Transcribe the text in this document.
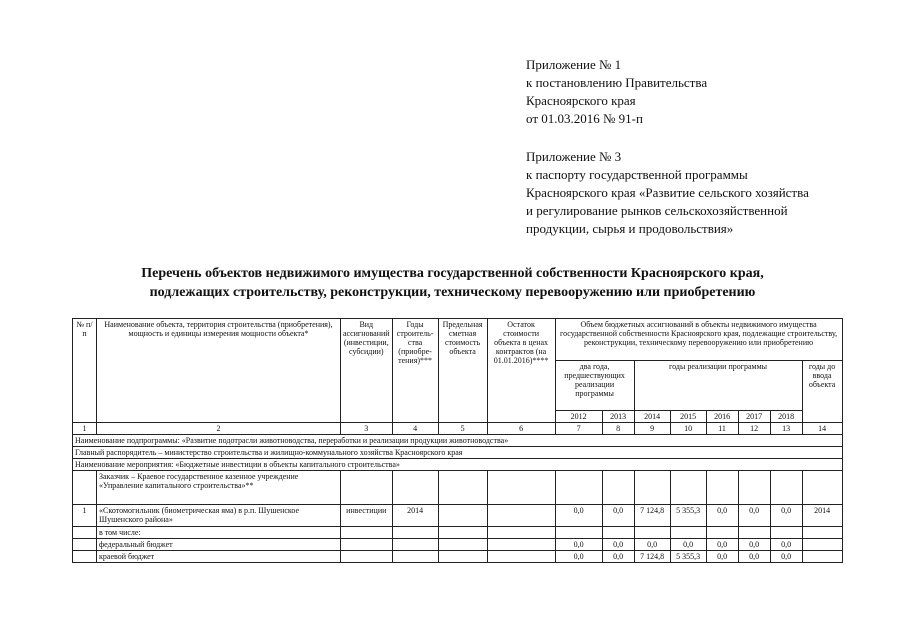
Приложение № 1
к постановлению Правительства
Красноярского края
от 01.03.2016 № 91-п
Приложение № 3
к паспорту государственной программы
Красноярского края «Развитие сельского хозяйства
и регулирование рынков сельскохозяйственной
продукции, сырья и продовольствия»
Перечень объектов недвижимого имущества государственной собственности Красноярского края,
подлежащих строительству, реконструкции, техническому перевооружению или приобретению
№ п/п	Наименование объекта, территория строительства (приобретения), мощность и единицы измерения мощности объекта*	Вид ассигнований (инвестиции, субсидии)	Годы строитель-ства (приобре-тения)***	Предельная сметная стоимость объекта	Остаток стоимости объекта в ценах контрактов (на 01.01.2016)****	Объем бюджетных ассигнований в объекты недвижимого имущества государственной собственности Красноярского края, подлежащие строительству, реконструкции, техническому перевооружению или приобретению							
						два года, предшествующих реализации программы		годы реализации программы					годы до ввода объекта
						2012	2013	2014	2015	2016	2017	2018	
1	2	3	4	5	6	7	8	9	10	11	12	13	14
Наименование подпрограммы: «Развитие подотрасли животноводства, переработки и реализации продукции животноводства»													
Главный распорядитель – министерство строительства и жилищно-коммунального хозяйства Красноярского края													
Наименование мероприятия: «Бюджетные инвестиции в объекты капитального строительства»													
	Заказчик – Краевое государственное казенное учреждение «Управление капитального строительства»**												
1	«Скотомогильник (биометрическая яма) в р.п. Шушенское Шушенского района»	инвестиции	2014			0,0	0,0	7 124,8	5 355,3	0,0	0,0	0,0	2014
	в том числе:												
	федеральный бюджет					0,0	0,0	0,0	0,0	0,0	0,0	0,0	
	краевой бюджет					0,0	0,0	7 124,8	5 355,3	0,0	0,0	0,0	
